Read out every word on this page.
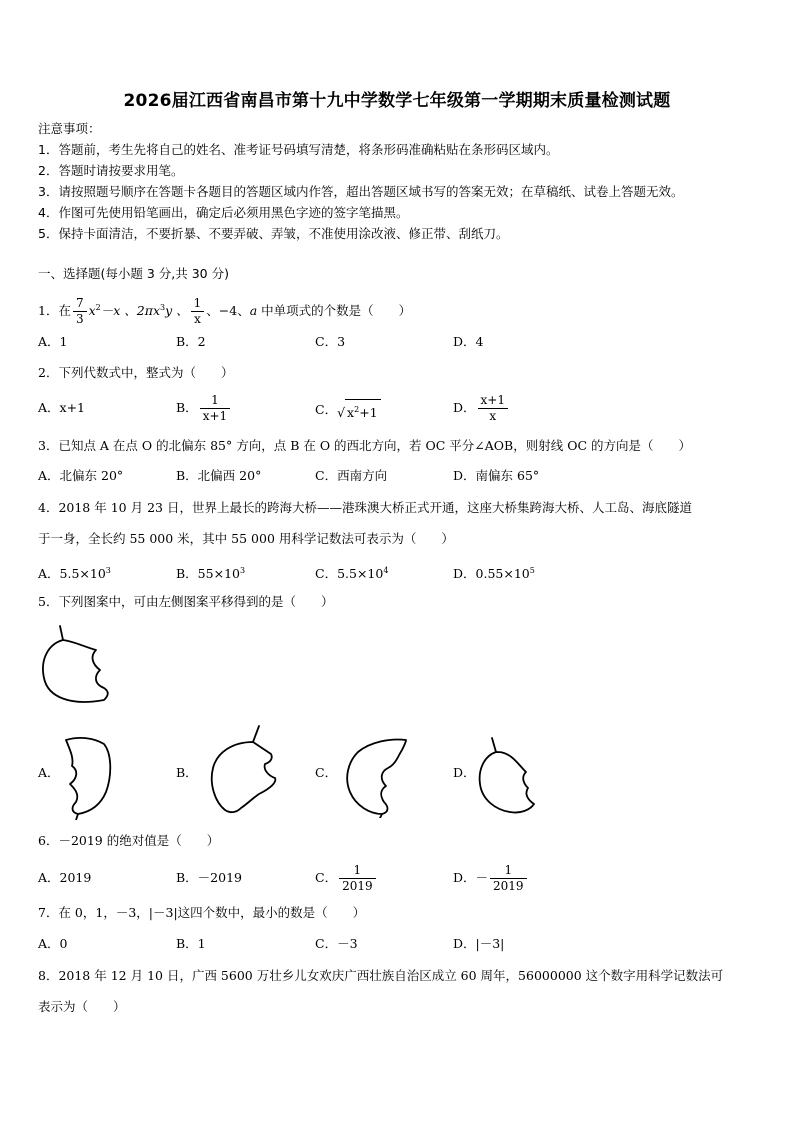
2026届江西省南昌市第十九中学数学七年级第一学期期末质量检测试题
注意事项：
1．答题前，考生先将自己的姓名、准考证号码填写清楚，将条形码准确粘贴在条形码区域内。
2．答题时请按要求用笔。
3．请按照题号顺序在答题卡各题目的答题区域内作答，超出答题区域书写的答案无效；在草稿纸、试卷上答题无效。
4．作图可先使用铅笔画出，确定后必须用黑色字迹的签字笔描黑。
5．保持卡面清洁，不要折暴、不要弄破、弄皱，不准使用涂改液、修正带、刮纸刀。
一、选择题(每小题 3 分,共 30 分)
1．在 $\frac{7}{3} x^2-x$ 、$2\pi x^3y$ 、 $\frac{1}{x}$ 、−4、a 中单项式的个数是（　　）
A．1	B．2	C．3	D．4
2．下列代数式中，整式为（　　）
A．x+1	B． $\frac{1}{x+1}$	C．√ $x^2+1$	D． $\frac{x+1}{x}$
3．已知点 A 在点 O 的北偏东 85° 方向，点 B 在 O 的西北方向，若 OC 平分∠AOB，则射线 OC 的方向是（　　）
A．北偏东 20°	B．北偏西 20°	C．西南方向	D．南偏东 65°
4．2018 年 10 月 23 日，世界上最长的跨海大桥——港珠澳大桥正式开通，这座大桥集跨海大桥、人工岛、海底隧道
于一身，全长约 55 000 米，其中 55 000 用科学记数法可表示为（　　）
A．$5.5\times 10^3$	B．$55\times 10^3$	C．$5.5\times 10^4$	D．$0.55\times 10^5$
5．下列图案中，可由左侧图案平移得到的是（　　）
A．	B．	C．	D．
6．－2019 的绝对值是（　　）
A．2019	B．－2019	C． $\frac{1}{2019}$	D．－ $\frac{1}{2019}$
7．在 0，1，－3，|－3|这四个数中，最小的数是（　　）
A．0	B．1	C．－3	D．|－3|
8．2018 年 12 月 10 日，广西 5600 万壮乡儿女欢庆广西壮族自治区成立 60 周年，56000000 这个数字用科学记数法可
表示为（　　）
